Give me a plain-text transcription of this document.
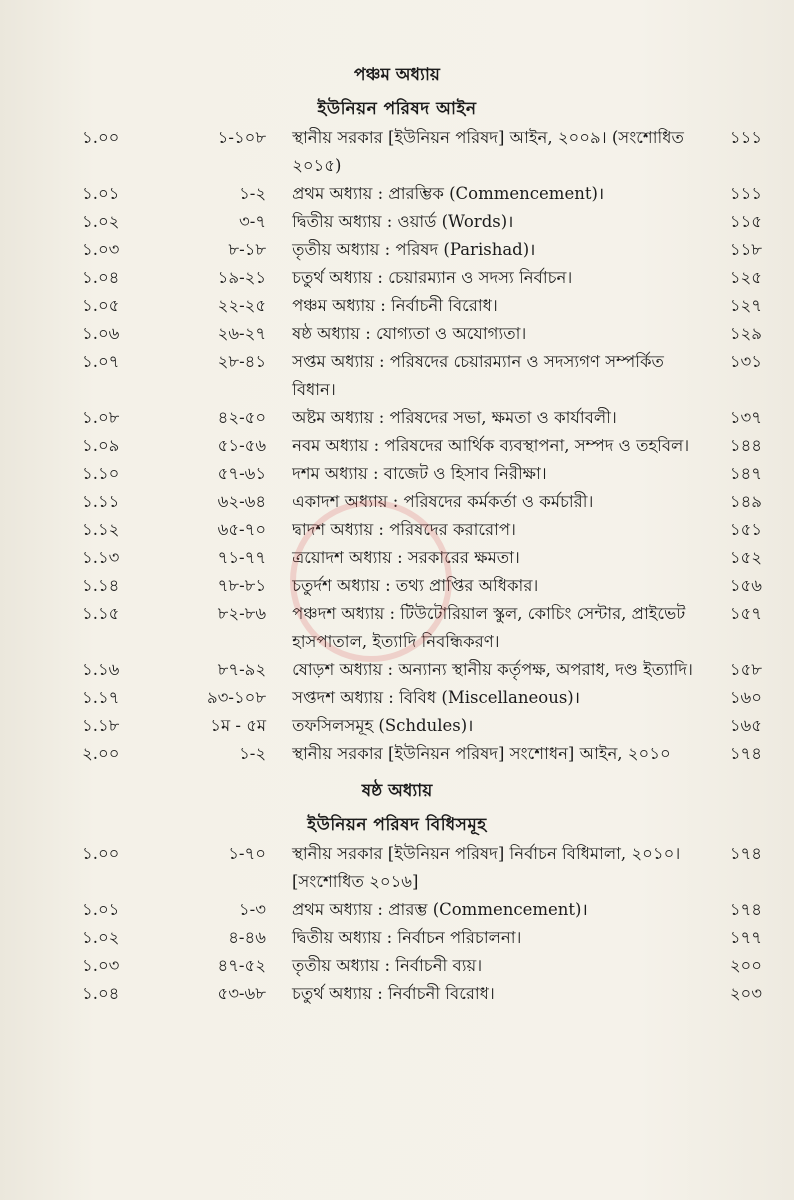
পঞ্চম অধ্যায়
ইউনিয়ন পরিষদ আইন
১.০০	১-১০৮	স্থানীয় সরকার [ইউনিয়ন পরিষদ] আইন, ২০০৯। (সংশোধিত ২০১৫)	১১১
১.০১	১-২	প্রথম অধ্যায় : প্রারম্ভিক (Commencement)।	১১১
১.০২	৩-৭	দ্বিতীয় অধ্যায় : ওয়ার্ড (Words)।	১১৫
১.০৩	৮-১৮	তৃতীয় অধ্যায় : পরিষদ (Parishad)।	১১৮
১.০৪	১৯-২১	চতুর্থ অধ্যায় : চেয়ারম্যান ও সদস্য নির্বাচন।	১২৫
১.০৫	২২-২৫	পঞ্চম অধ্যায় : নির্বাচনী বিরোধ।	১২৭
১.০৬	২৬-২৭	ষষ্ঠ অধ্যায় : যোগ্যতা ও অযোগ্যতা।	১২৯
১.০৭	২৮-৪১	সপ্তম অধ্যায় : পরিষদের চেয়ারম্যান ও সদস্যগণ সম্পর্কিত বিধান।	১৩১
১.০৮	৪২-৫০	অষ্টম অধ্যায় : পরিষদের সভা, ক্ষমতা ও কার্যাবলী।	১৩৭
১.০৯	৫১-৫৬	নবম অধ্যায় : পরিষদের আর্থিক ব্যবস্থাপনা, সম্পদ ও তহবিল।	১৪৪
১.১০	৫৭-৬১	দশম অধ্যায় : বাজেট ও হিসাব নিরীক্ষা।	১৪৭
১.১১	৬২-৬৪	একাদশ অধ্যায় : পরিষদের কর্মকর্তা ও কর্মচারী।	১৪৯
১.১২	৬৫-৭০	দ্বাদশ অধ্যায় : পরিষদের করারোপ।	১৫১
১.১৩	৭১-৭৭	ত্রয়োদশ অধ্যায় : সরকারের ক্ষমতা।	১৫২
১.১৪	৭৮-৮১	চতুর্দশ অধ্যায় : তথ্য প্রাপ্তির অধিকার।	১৫৬
১.১৫	৮২-৮৬	পঞ্চদশ অধ্যায় : টিউটোরিয়াল স্কুল, কোচিং সেন্টার, প্রাইভেট হাসপাতাল, ইত্যাদি নিবন্ধিকরণ।	১৫৭
১.১৬	৮৭-৯২	ষোড়শ অধ্যায় : অন্যান্য স্থানীয় কর্তৃপক্ষ, অপরাধ, দণ্ড ইত্যাদি।	১৫৮
১.১৭	৯৩-১০৮	সপ্তদশ অধ্যায় : বিবিধ (Miscellaneous)।	১৬০
১.১৮	১ম - ৫ম	তফসিলসমূহ (Schdules)।	১৬৫
২.০০	১-২	স্থানীয় সরকার [ইউনিয়ন পরিষদ] সংশোধন] আইন, ২০১০	১৭৪
ষষ্ঠ অধ্যায়
ইউনিয়ন পরিষদ বিধিসমূহ
১.০০	১-৭০	স্থানীয় সরকার [ইউনিয়ন পরিষদ] নির্বাচন বিধিমালা, ২০১০। [সংশোধিত ২০১৬]	১৭৪
১.০১	১-৩	প্রথম অধ্যায় : প্রারম্ভ (Commencement)।	১৭৪
১.০২	৪-৪৬	দ্বিতীয় অধ্যায় : নির্বাচন পরিচালনা।	১৭৭
১.০৩	৪৭-৫২	তৃতীয় অধ্যায় : নির্বাচনী ব্যয়।	২০০
১.০৪	৫৩-৬৮	চতুর্থ অধ্যায় : নির্বাচনী বিরোধ।	২০৩
